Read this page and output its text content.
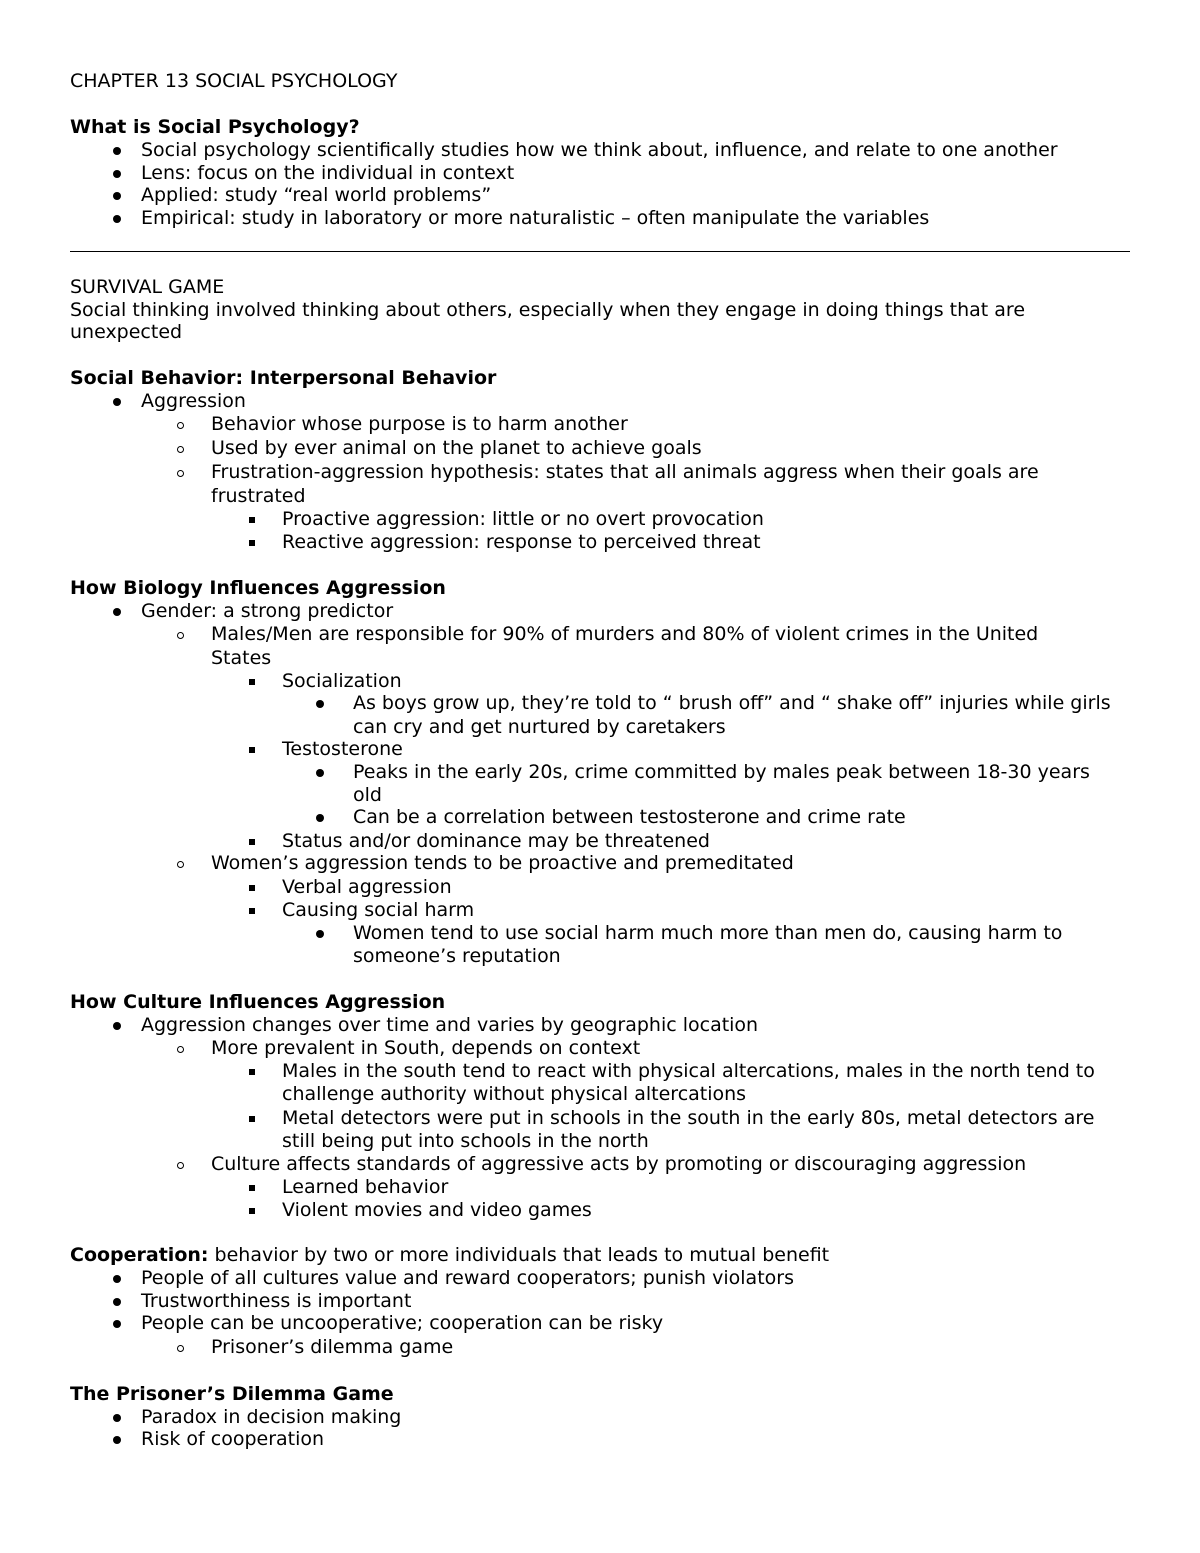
CHAPTER 13 SOCIAL PSYCHOLOGY
What is Social Psychology?
Social psychology scientifically studies how we think about, influence, and relate to one another
Lens: focus on the individual in context
Applied: study “real world problems”
Empirical: study in laboratory or more naturalistic – often manipulate the variables
SURVIVAL GAME
Social thinking involved thinking about others, especially when they engage in doing things that are
unexpected
Social Behavior: Interpersonal Behavior
Aggression
Behavior whose purpose is to harm another
Used by ever animal on the planet to achieve goals
Frustration-aggression hypothesis: states that all animals aggress when their goals are
frustrated
Proactive aggression: little or no overt provocation
Reactive aggression: response to perceived threat
How Biology Influences Aggression
Gender: a strong predictor
Males/Men are responsible for 90% of murders and 80% of violent crimes in the United
States
Socialization
As boys grow up, they’re told to “ brush off” and “ shake off” injuries while girls
can cry and get nurtured by caretakers
Testosterone
Peaks in the early 20s, crime committed by males peak between 18-30 years
old
Can be a correlation between testosterone and crime rate
Status and/or dominance may be threatened
Women’s aggression tends to be proactive and premeditated
Verbal aggression
Causing social harm
Women tend to use social harm much more than men do, causing harm to
someone’s reputation
How Culture Influences Aggression
Aggression changes over time and varies by geographic location
More prevalent in South, depends on context
Males in the south tend to react with physical altercations, males in the north tend to
challenge authority without physical altercations
Metal detectors were put in schools in the south in the early 80s, metal detectors are
still being put into schools in the north
Culture affects standards of aggressive acts by promoting or discouraging aggression
Learned behavior
Violent movies and video games
Cooperation: behavior by two or more individuals that leads to mutual benefit
People of all cultures value and reward cooperators; punish violators
Trustworthiness is important
People can be uncooperative; cooperation can be risky
Prisoner’s dilemma game
The Prisoner’s Dilemma Game
Paradox in decision making
Risk of cooperation
